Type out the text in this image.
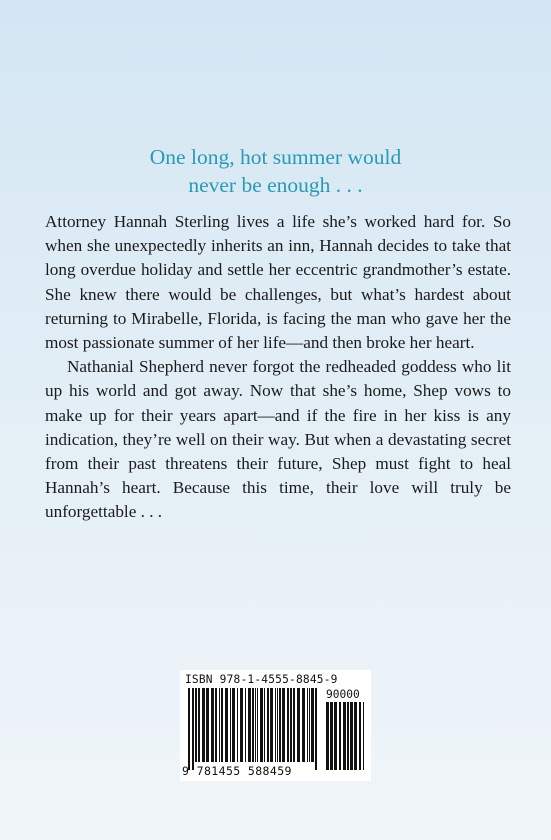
One long, hot summer would
never be enough . . .

Attorney Hannah Sterling lives a life she’s worked hard for. So when she unexpectedly inherits an inn, Hannah decides to take that long overdue holiday and settle her eccentric grandmother’s estate. She knew there would be challenges, but what’s hardest about returning to Mirabelle, Florida, is facing the man who gave her the most passionate summer of her life—and then broke her heart.

Nathanial Shepherd never forgot the redheaded goddess who lit up his world and got away. Now that she’s home, Shep vows to make up for their years apart—and if the fire in her kiss is any indication, they’re well on their way. But when a devastating secret from their past threatens their future, Shep must fight to heal Hannah’s heart. Because this time, their love will truly be unforgettable . . .

ISBN 978-1-4555-8845-9
90000
9 781455 588459
